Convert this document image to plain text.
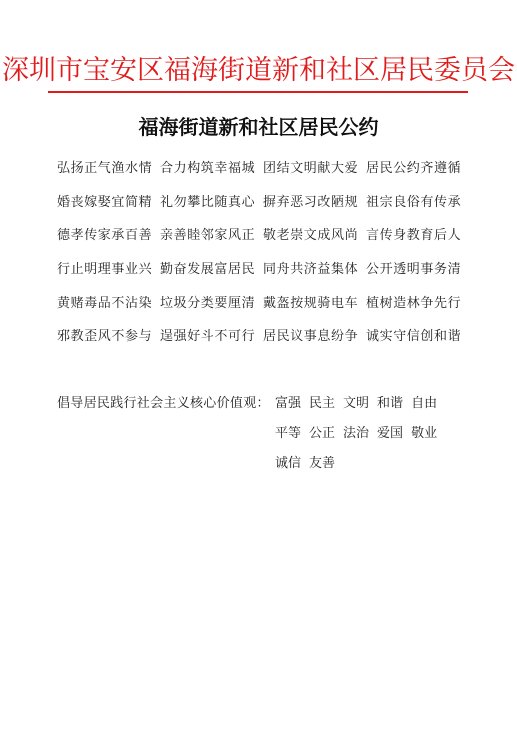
深圳市宝安区福海街道新和社区居民委员会
福海街道新和社区居民公约
弘扬正气渔水情 合力构筑幸福城 团结文明献大爱 居民公约齐遵循
婚丧嫁娶宜简精 礼勿攀比随真心 摒弃恶习改陋规 祖宗良俗有传承
德孝传家承百善 亲善睦邻家风正 敬老崇文成风尚 言传身教育后人
行止明理事业兴 勤奋发展富居民 同舟共济益集体 公开透明事务清
黄赌毒品不沾染 垃圾分类要厘清 戴盔按规骑电车 植树造林争先行
邪教歪风不参与 逞强好斗不可行 居民议事息纷争 诚实守信创和谐
倡导居民践行社会主义核心价值观： 富强 民主 文明 和谐 自由
平等 公正 法治 爱国 敬业
诚信 友善
